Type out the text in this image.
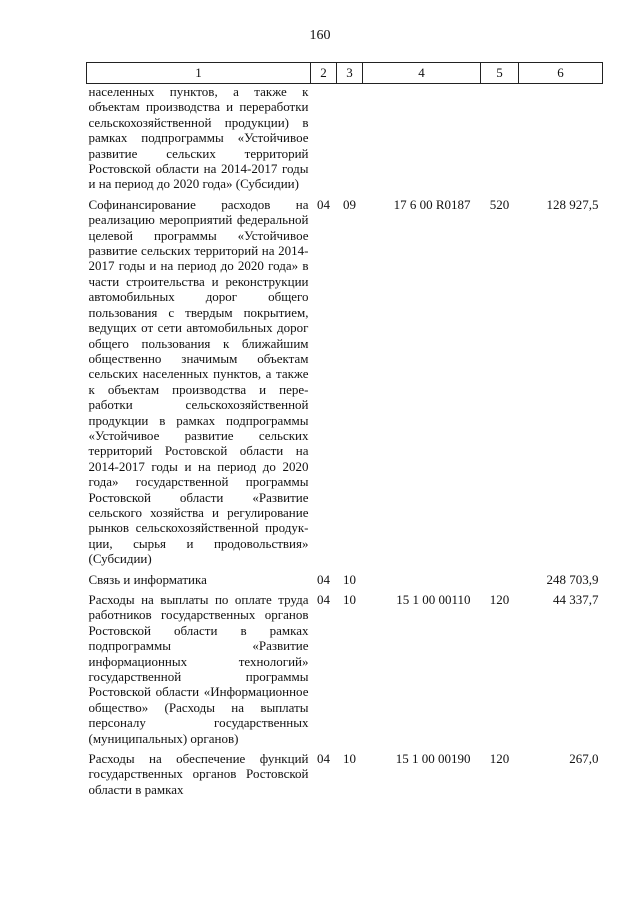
160
1	2	3	4	5	6
населенных пунктов, а также к объектам производства и переработки сельскохозяйственной продукции) в рамках подпрограммы «Устойчивое развитие сельских территорий Ростовской области на 2014-2017 годы и на период до 2020 года» (Субсидии)					
Софинансирование расходов на реализацию мероприятий федеральной целевой программы «Устойчивое развитие сельских территорий на 2014-2017 годы и на период до 2020 года» в части строительства и реконструкции автомобильных дорог общего пользования с твердым покрытием, ведущих от сети автомобильных дорог общего пользования к ближайшим общественно значимым объектам сельских населенных пунктов, а также к объектам производства и переработки сельскохозяйственной продукции в рамках подпрограммы «Устойчивое развитие сельских территорий Ростовской области на 2014-2017 годы и на период до 2020 года» государственной программы Ростовской области «Развитие сельского хозяйства и регулирование рынков сельскохозяйственной продукции, сырья и продовольствия» (Субсидии)	04	09	17 6 00 R0187	520	128 927,5
Связь и информатика	04	10			248 703,9
Расходы на выплаты по оплате труда работников государственных органов Ростовской области в рамках подпрограммы «Развитие информационных технологий» государственной программы Ростовской области «Информационное общество» (Расходы на выплаты персоналу государственных (муниципальных) органов)	04	10	15 1 00 00110	120	44 337,7
Расходы на обеспечение функций государственных органов Ростовской области в рамках	04	10	15 1 00 00190	120	267,0
